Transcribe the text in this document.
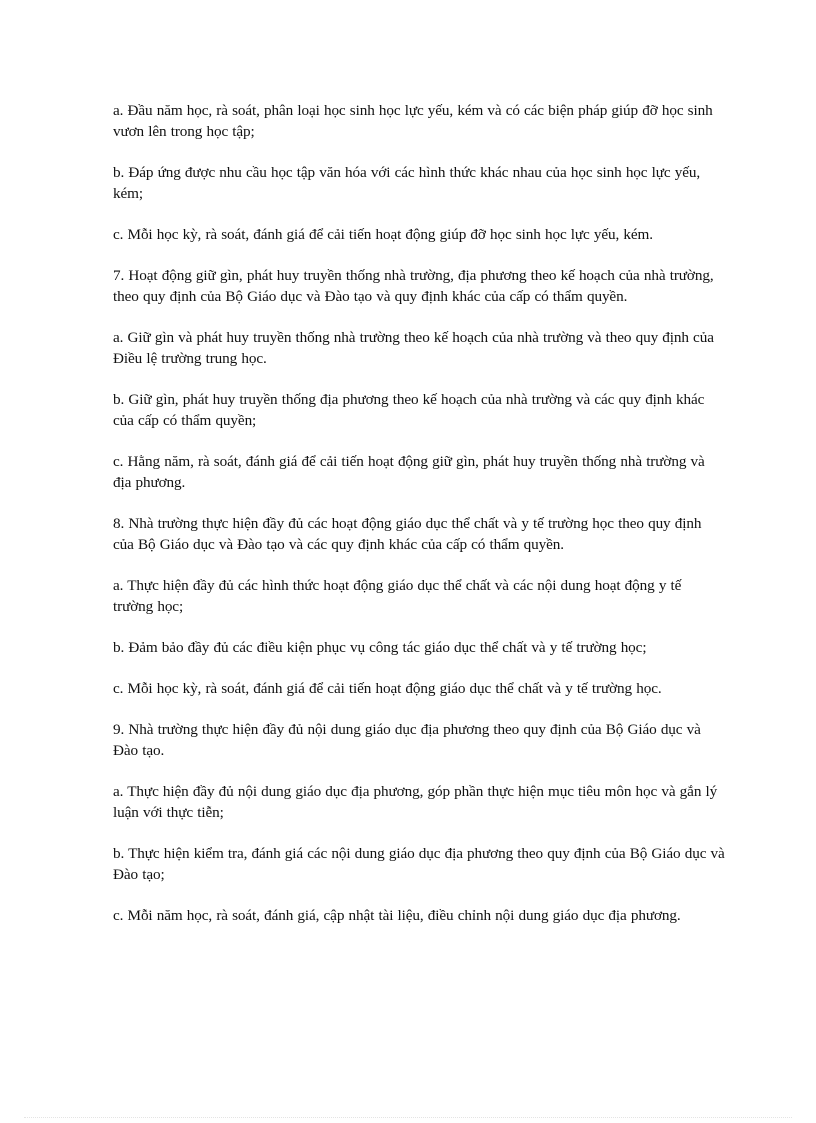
a. Đầu năm học, rà soát, phân loại học sinh học lực yếu, kém và có các biện pháp giúp đỡ học sinh vươn lên trong học tập;

b. Đáp ứng được nhu cầu học tập văn hóa với các hình thức khác nhau của học sinh học lực yếu, kém;

c. Mỗi học kỳ, rà soát, đánh giá để cải tiến hoạt động giúp đỡ học sinh học lực yếu, kém.

7. Hoạt động giữ gìn, phát huy truyền thống nhà trường, địa phương theo kế hoạch của nhà trường, theo quy định của Bộ Giáo dục và Đào tạo và quy định khác của cấp có thẩm quyền.

a. Giữ gìn và phát huy truyền thống nhà trường theo kế hoạch của nhà trường và theo quy định của Điều lệ trường trung học.

b. Giữ gìn, phát huy truyền thống địa phương theo kế hoạch của nhà trường và các quy định khác của cấp có thẩm quyền;

c. Hằng năm, rà soát, đánh giá để cải tiến hoạt động giữ gìn, phát huy truyền thống nhà trường và địa phương.

8. Nhà trường thực hiện đầy đủ các hoạt động giáo dục thể chất và y tế trường học theo quy định của Bộ Giáo dục và Đào tạo và các quy định khác của cấp có thẩm quyền.

a. Thực hiện đầy đủ các hình thức hoạt động giáo dục thể chất và các nội dung hoạt động y tế trường học;

b. Đảm bảo đầy đủ các điều kiện phục vụ công tác giáo dục thể chất và y tế trường học;

c. Mỗi học kỳ, rà soát, đánh giá để cải tiến hoạt động giáo dục thể chất và y tế trường học.

9. Nhà trường thực hiện đầy đủ nội dung giáo dục địa phương theo quy định của Bộ Giáo dục và Đào tạo.

a. Thực hiện đầy đủ nội dung giáo dục địa phương, góp phần thực hiện mục tiêu môn học và gắn lý luận với thực tiễn;

b. Thực hiện kiểm tra, đánh giá các nội dung giáo dục địa phương theo quy định của Bộ Giáo dục và Đào tạo;

c. Mỗi năm học, rà soát, đánh giá, cập nhật tài liệu, điều chỉnh nội dung giáo dục địa phương.
